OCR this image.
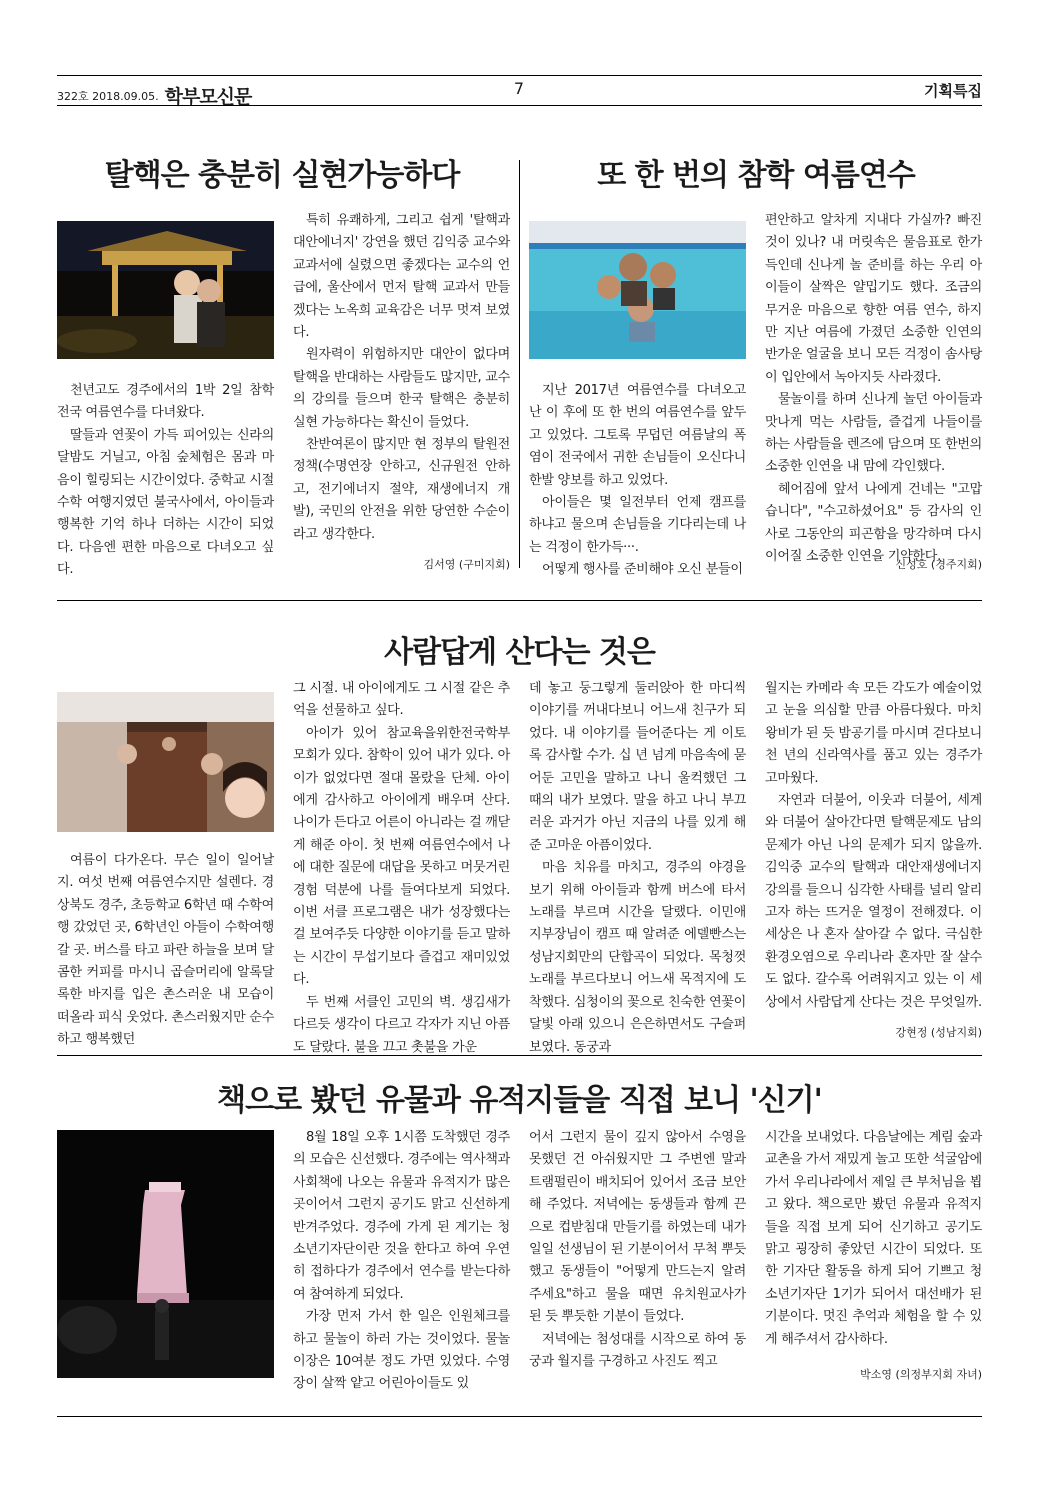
322호 2018.09.05. 학부모신문	7	기획특집
탈핵은 충분히 실현가능하다

천년고도 경주에서의 1박 2일 참학 전국 여름연수를 다녀왔다.

딸들과 연꽃이 가득 피어있는 신라의 달밤도 거닐고, 아침 숲체험은 몸과 마음이 힐링되는 시간이었다. 중학교 시절 수학 여행지였던 불국사에서, 아이들과 행복한 기억 하나 더하는 시간이 되었다. 다음엔 편한 마음으로 다녀오고 싶다.

특히 유쾌하게, 그리고 쉽게 '탈핵과 대안에너지' 강연을 했던 김익중 교수와 교과서에 실렸으면 좋겠다는 교수의 언급에, 울산에서 먼저 탈핵 교과서 만들겠다는 노옥희 교육감은 너무 멋져 보였다.

원자력이 위험하지만 대안이 없다며 탈핵을 반대하는 사람들도 많지만, 교수의 강의를 들으며 한국 탈핵은 충분히 실현 가능하다는 확신이 들었다.

찬반여론이 많지만 현 정부의 탈원전정책(수명연장 안하고, 신규원전 안하고, 전기에너지 절약, 재생에너지 개발), 국민의 안전을 위한 당연한 수순이라고 생각한다.

김서영 (구미지회)
또 한 번의 참학 여름연수

지난 2017년 여름연수를 다녀오고 난 이 후에 또 한 번의 여름연수를 앞두고 있었다. 그토록 무덥던 여름날의 폭염이 전국에서 귀한 손님들이 오신다니 한발 양보를 하고 있었다.

아이들은 몇 일전부터 언제 캠프를 하냐고 물으며 손님들을 기다리는데 나는 걱정이 한가득···.

어떻게 행사를 준비해야 오신 분들이

편안하고 알차게 지내다 가실까? 빠진 것이 있나? 내 머릿속은 물음표로 한가득인데 신나게 놀 준비를 하는 우리 아이들이 살짝은 얄밉기도 했다. 조금의 무거운 마음으로 향한 여름 연수, 하지만 지난 여름에 가졌던 소중한 인연의 반가운 얼굴을 보니 모든 걱정이 솜사탕이 입안에서 녹아지듯 사라졌다.

물놀이를 하며 신나게 놀던 아이들과 맛나게 먹는 사람들, 즐겁게 나들이를 하는 사람들을 렌즈에 담으며 또 한번의 소중한 인연을 내 맘에 각인했다.

헤어짐에 앞서 나에게 건네는 "고맙습니다", "수고하셨어요" 등 감사의 인사로 그동안의 피곤함을 망각하며 다시 이어질 소중한 인연을 기약한다.

신성호 (경주지회)
사람답게 산다는 것은

여름이 다가온다. 무슨 일이 일어날지. 여섯 번째 여름연수지만 설렌다. 경상북도 경주, 초등학교 6학년 때 수학여행 갔었던 곳, 6학년인 아들이 수학여행 갈 곳. 버스를 타고 파란 하늘을 보며 달콤한 커피를 마시니 곱슬머리에 알록달록한 바지를 입은 촌스러운 내 모습이 떠올라 피식 웃었다. 촌스러웠지만 순수하고 행복했던

그 시절. 내 아이에게도 그 시절 같은 추억을 선물하고 싶다.

아이가 있어 참교육을위한전국학부모회가 있다. 참학이 있어 내가 있다. 아이가 없었다면 절대 몰랐을 단체. 아이에게 감사하고 아이에게 배우며 산다. 나이가 든다고 어른이 아니라는 걸 깨닫게 해준 아이. 첫 번째 여름연수에서 나에 대한 질문에 대답을 못하고 머뭇거린 경험 덕분에 나를 들여다보게 되었다. 이번 서클 프로그램은 내가 성장했다는 걸 보여주듯 다양한 이야기를 듣고 말하는 시간이 무섭기보다 즐겁고 재미있었다.

두 번째 서클인 고민의 벽. 생김새가 다르듯 생각이 다르고 각자가 지닌 아픔도 달랐다. 불을 끄고 촛불을 가운

데 놓고 둥그렇게 둘러앉아 한 마디씩 이야기를 꺼내다보니 어느새 친구가 되었다. 내 이야기를 들어준다는 게 이토록 감사할 수가. 십 년 넘게 마음속에 묻어둔 고민을 말하고 나니 울컥했던 그 때의 내가 보였다. 말을 하고 나니 부끄러운 과거가 아닌 지금의 나를 있게 해준 고마운 아픔이었다.

마음 치유를 마치고, 경주의 야경을 보기 위해 아이들과 함께 버스에 타서 노래를 부르며 시간을 달랬다. 이민애 지부장님이 캠프 때 알려준 에델빤스는 성남지회만의 단합곡이 되었다. 목청껏 노래를 부르다보니 어느새 목적지에 도착했다. 심청이의 꽃으로 친숙한 연꽃이 달빛 아래 있으니 은은하면서도 구슬퍼 보였다. 동궁과

월지는 카메라 속 모든 각도가 예술이었고 눈을 의심할 만큼 아름다웠다. 마치 왕비가 된 듯 밤공기를 마시며 걷다보니 천 년의 신라역사를 품고 있는 경주가 고마웠다.

자연과 더불어, 이웃과 더불어, 세계와 더불어 살아간다면 탈핵문제도 남의 문제가 아닌 나의 문제가 되지 않을까. 김익중 교수의 탈핵과 대안재생에너지 강의를 들으니 심각한 사태를 널리 알리고자 하는 뜨거운 열정이 전해졌다. 이 세상은 나 혼자 살아갈 수 없다. 극심한 환경오염으로 우리나라 혼자만 잘 살수도 없다. 갈수록 어려워지고 있는 이 세상에서 사람답게 산다는 것은 무엇일까.

강현정 (성남지회)
책으로 봤던 유물과 유적지들을 직접 보니 '신기'

8월 18일 오후 1시쯤 도착했던 경주의 모습은 신선했다. 경주에는 역사책과 사회책에 나오는 유물과 유적지가 많은 곳이어서 그런지 공기도 맑고 신선하게 반겨주었다. 경주에 가게 된 계기는 청소년기자단이란 것을 한다고 하여 우연히 접하다가 경주에서 연수를 받는다하여 참여하게 되었다.

가장 먼저 가서 한 일은 인원체크를 하고 물놀이 하러 가는 것이었다. 물놀이장은 10여분 정도 가면 있었다. 수영장이 살짝 얕고 어린아이들도 있

어서 그런지 물이 깊지 않아서 수영을 못했던 건 아쉬웠지만 그 주변엔 말과 트램펄린이 배치되어 있어서 조금 보안해 주었다. 저녁에는 동생들과 함께 끈으로 컵받침대 만들기를 하였는데 내가 일일 선생님이 된 기분이어서 무척 뿌듯했고 동생들이 "어떻게 만드는지 알려주세요"하고 물을 때면 유치원교사가 된 듯 뿌듯한 기분이 들었다.

저녁에는 첨성대를 시작으로 하여 동궁과 월지를 구경하고 사진도 찍고

시간을 보내었다. 다음날에는 계림 숲과 교촌을 가서 재밌게 놀고 또한 석굴암에 가서 우리나라에서 제일 큰 부처님을 뵙고 왔다. 책으로만 봤던 유물과 유적지들을 직접 보게 되어 신기하고 공기도 맑고 굉장히 좋았던 시간이 되었다. 또한 기자단 활동을 하게 되어 기쁘고 청소년기자단 1기가 되어서 대선배가 된 기분이다. 멋진 추억과 체험을 할 수 있게 해주셔서 감사하다.

박소영 (의정부지회 자녀)
